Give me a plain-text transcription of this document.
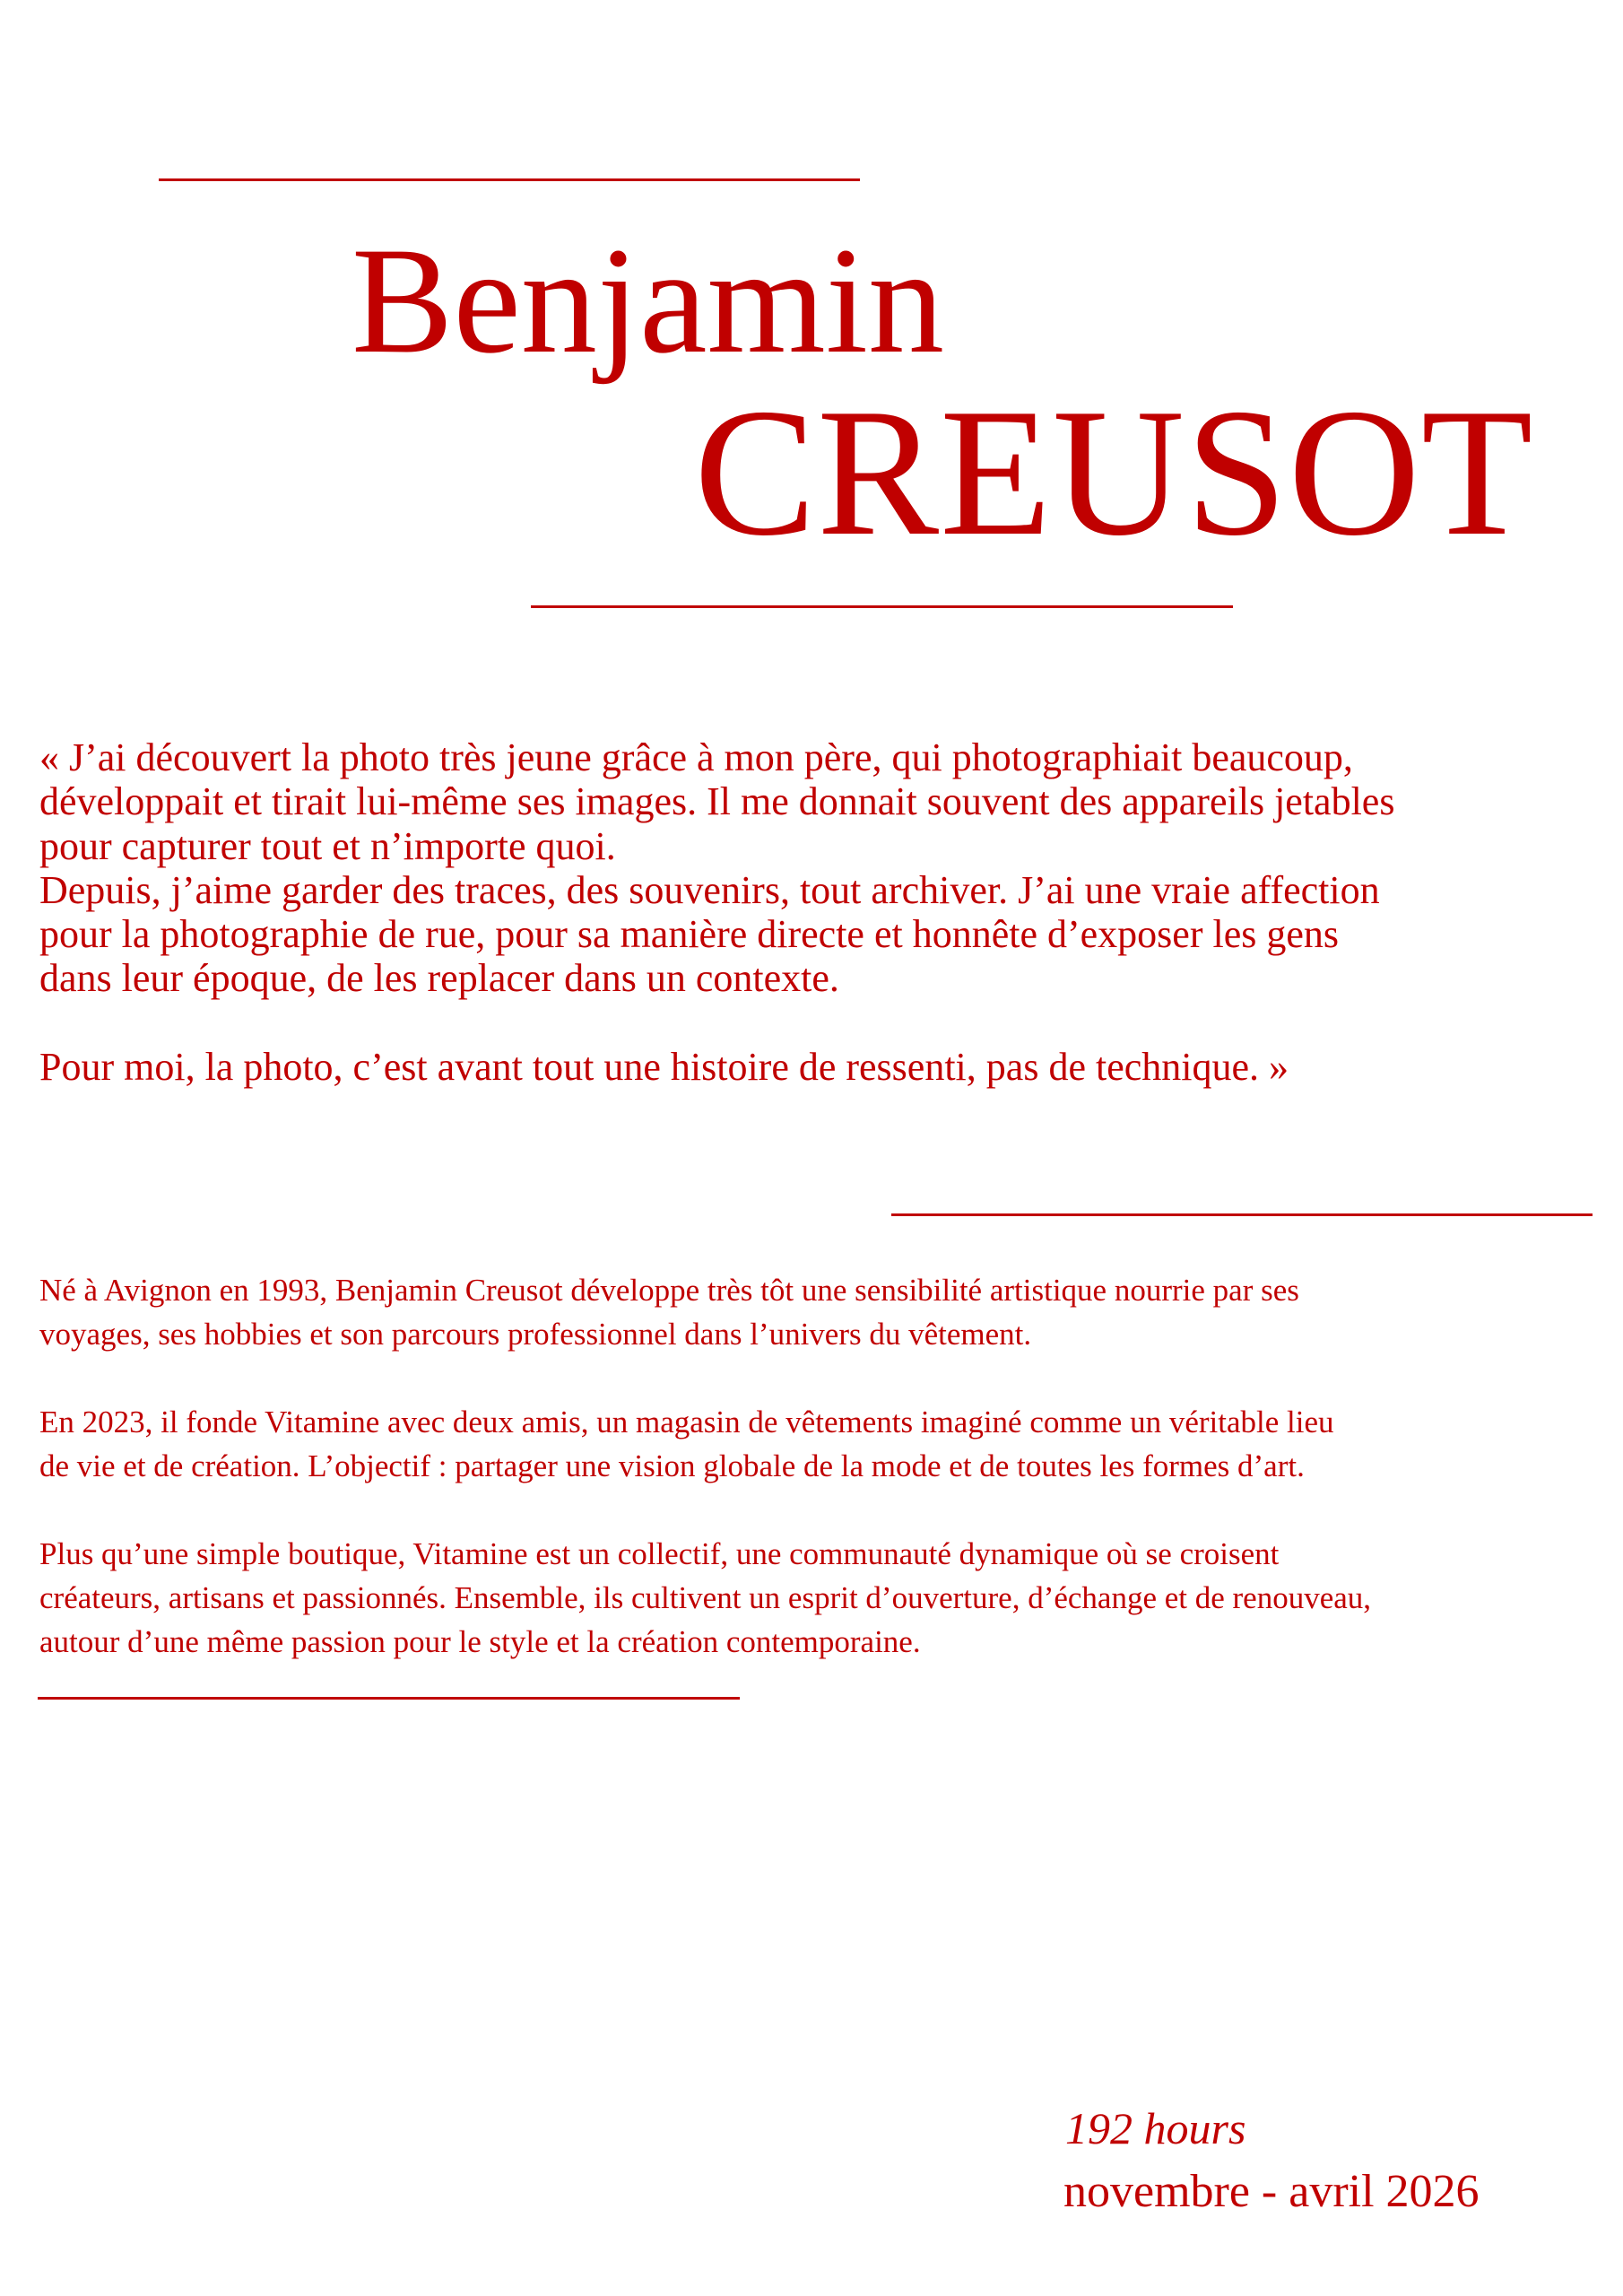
Benjamin
CREUSOT
« J’ai découvert la photo très jeune grâce à mon père, qui photographiait beaucoup,
développait et tirait lui-même ses images. Il me donnait souvent des appareils jetables
pour capturer tout et n’importe quoi.
Depuis, j’aime garder des traces, des souvenirs, tout archiver. J’ai une vraie affection
pour la photographie de rue, pour sa manière directe et honnête d’exposer les gens
dans leur époque, de les replacer dans un contexte.
Pour moi, la photo, c’est avant tout une histoire de ressenti, pas de technique. »
Né à Avignon en 1993, Benjamin Creusot développe très tôt une sensibilité artistique nourrie par ses
voyages, ses hobbies et son parcours professionnel dans l’univers du vêtement.
En 2023, il fonde Vitamine avec deux amis, un magasin de vêtements imaginé comme un véritable lieu
de vie et de création. L’objectif : partager une vision globale de la mode et de toutes les formes d’art.
Plus qu’une simple boutique, Vitamine est un collectif, une communauté dynamique où se croisent
créateurs, artisans et passionnés. Ensemble, ils cultivent un esprit d’ouverture, d’échange et de renouveau,
autour d’une même passion pour le style et la création contemporaine.
192 hours
novembre - avril 2026
